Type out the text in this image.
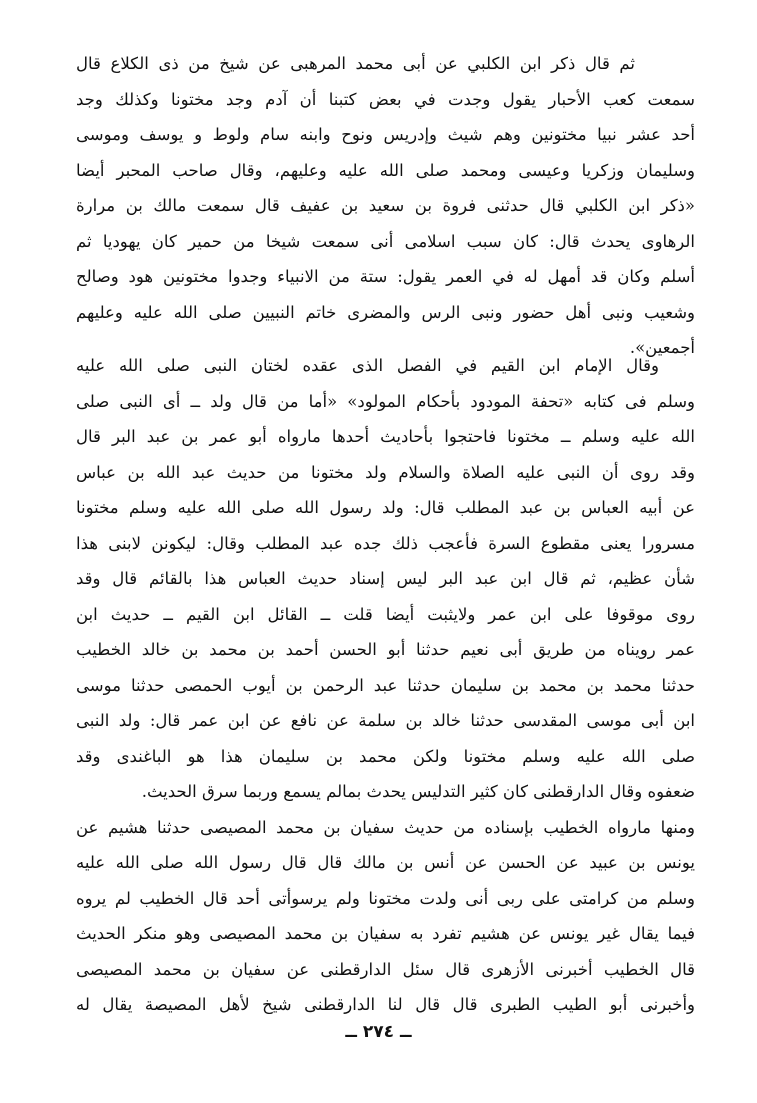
ثم قال ذكر ابن الكلبي عن أبى محمد المرهبى عن شيخ من ذى الكلاع قال
سمعت كعب الأحبار يقول وجدت في بعض كتبنا أن آدم وجد مختونا وكذلك وجد
أحد عشر نبيا مختونين وهم شيث وإدريس ونوح وابنه سام ولوط و يوسف وموسى
وسليمان وزكريا وعيسى ومحمد صلى الله عليه وعليهم، وقال صاحب المحبر أيضا
«ذكر ابن الكلبي قال حدثنى فروة بن سعيد بن عفيف قال سمعت مالك بن مرارة
الرهاوى يحدث قال: كان سبب اسلامى أنى سمعت شيخا من حمير كان يهوديا ثم
أسلم وكان قد أمهل له في العمر يقول: ستة من الانبياء وجدوا مختونين هود وصالح
وشعيب ونبى أهل حضور ونبى الرس والمضرى خاتم النبيين صلى الله عليه وعليهم
أجمعين».
وقال الإمام ابن القيم في الفصل الذى عقده لختان النبى صلى الله عليه
وسلم فى كتابه «تحفة المودود بأحكام المولود» «أما من قال ولد ــ أى النبى صلى
الله عليه وسلم ــ مختونا فاحتجوا بأحاديث أحدها مارواه أبو عمر بن عبد البر قال
وقد روى أن النبى عليه الصلاة والسلام ولد مختونا من حديث عبد الله بن عباس
عن أبيه العباس بن عبد المطلب قال: ولد رسول الله صلى الله عليه وسلم مختونا
مسرورا يعنى مقطوع السرة فأعجب ذلك جده عبد المطلب وقال: ليكونن لابنى هذا
شأن عظيم، ثم قال ابن عبد البر ليس إسناد حديث العباس هذا بالقائم قال وقد
روى موقوفا على ابن عمر ولايثبت أيضا قلت ــ القائل ابن القيم ــ حديث ابن
عمر رويناه من طريق أبى نعيم حدثنا أبو الحسن أحمد بن محمد بن خالد الخطيب
حدثنا محمد بن محمد بن سليمان حدثنا عبد الرحمن بن أيوب الحمصى حدثنا موسى
ابن أبى موسى المقدسى حدثنا خالد بن سلمة عن نافع عن ابن عمر قال: ولد النبى
صلى الله عليه وسلم مختونا ولكن محمد بن سليمان هذا هو الباغندى وقد
ضعفوه وقال الدارقطنى كان كثير التدليس يحدث بمالم يسمع وربما سرق الحديث.
ومنها مارواه الخطيب بإسناده من حديث سفيان بن محمد المصيصى حدثنا هشيم عن
يونس بن عبيد عن الحسن عن أنس بن مالك قال قال رسول الله صلى الله عليه
وسلم من كرامتى على ربى أنى ولدت مختونا ولم يرسوأتى أحد قال الخطيب لم يروه
فيما يقال غير يونس عن هشيم تفرد به سفيان بن محمد المصيصى وهو منكر الحديث
قال الخطيب أخبرنى الأزهرى قال سئل الدارقطنى عن سفيان بن محمد المصيصى
وأخبرنى أبو الطيب الطبرى قال قال لنا الدارقطنى شيخ لأهل المصيصة يقال له
ــ ٢٧٤ ــ
